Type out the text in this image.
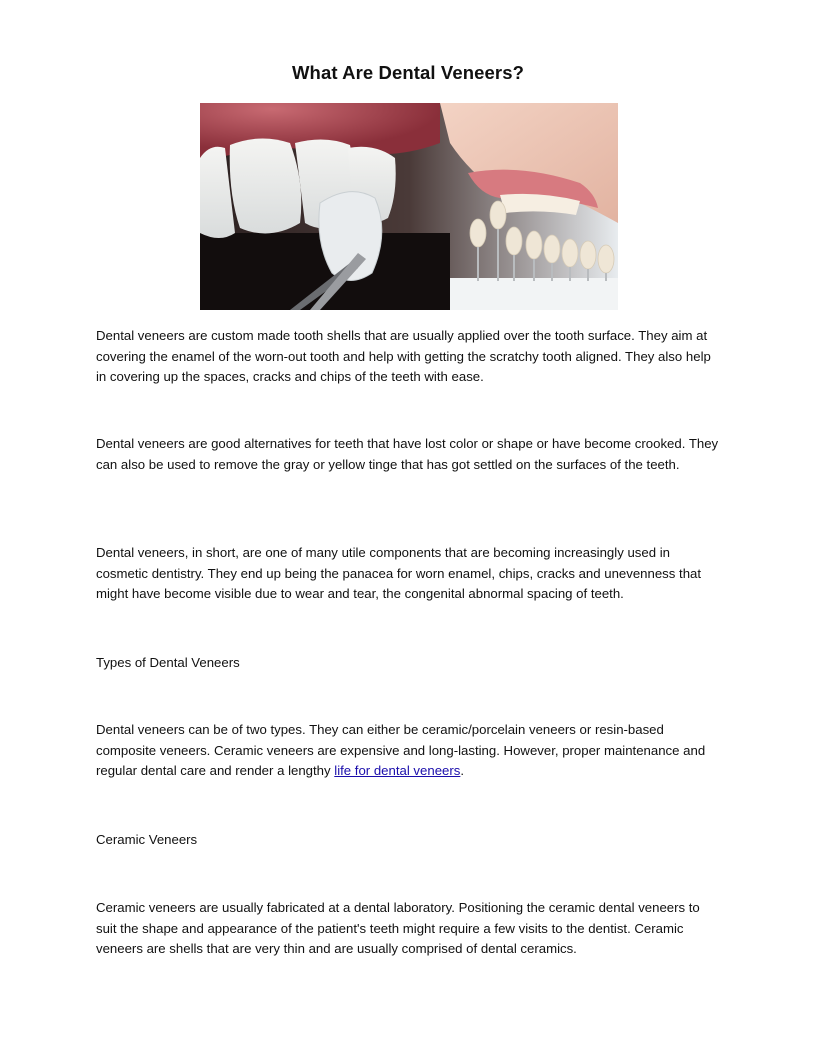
What Are Dental Veneers?

Dental veneers are custom made tooth shells that are usually applied over the tooth surface. They aim at covering the enamel of the worn-out tooth and help with getting the scratchy tooth aligned. They also help in covering up the spaces, cracks and chips of the teeth with ease.

Dental veneers are good alternatives for teeth that have lost color or shape or have become crooked. They can also be used to remove the gray or yellow tinge that has got settled on the surfaces of the teeth.

Dental veneers, in short, are one of many utile components that are becoming increasingly used in cosmetic dentistry. They end up being the panacea for worn enamel, chips, cracks and unevenness that might have become visible due to wear and tear, the congenital abnormal spacing of teeth.

Types of Dental Veneers

Dental veneers can be of two types. They can either be ceramic/porcelain veneers or resin-based composite veneers. Ceramic veneers are expensive and long-lasting. However, proper maintenance and regular dental care and render a lengthy life for dental veneers.

Ceramic Veneers

Ceramic veneers are usually fabricated at a dental laboratory. Positioning the ceramic dental veneers to suit the shape and appearance of the patient's teeth might require a few visits to the dentist. Ceramic veneers are shells that are very thin and are usually comprised of dental ceramics.
